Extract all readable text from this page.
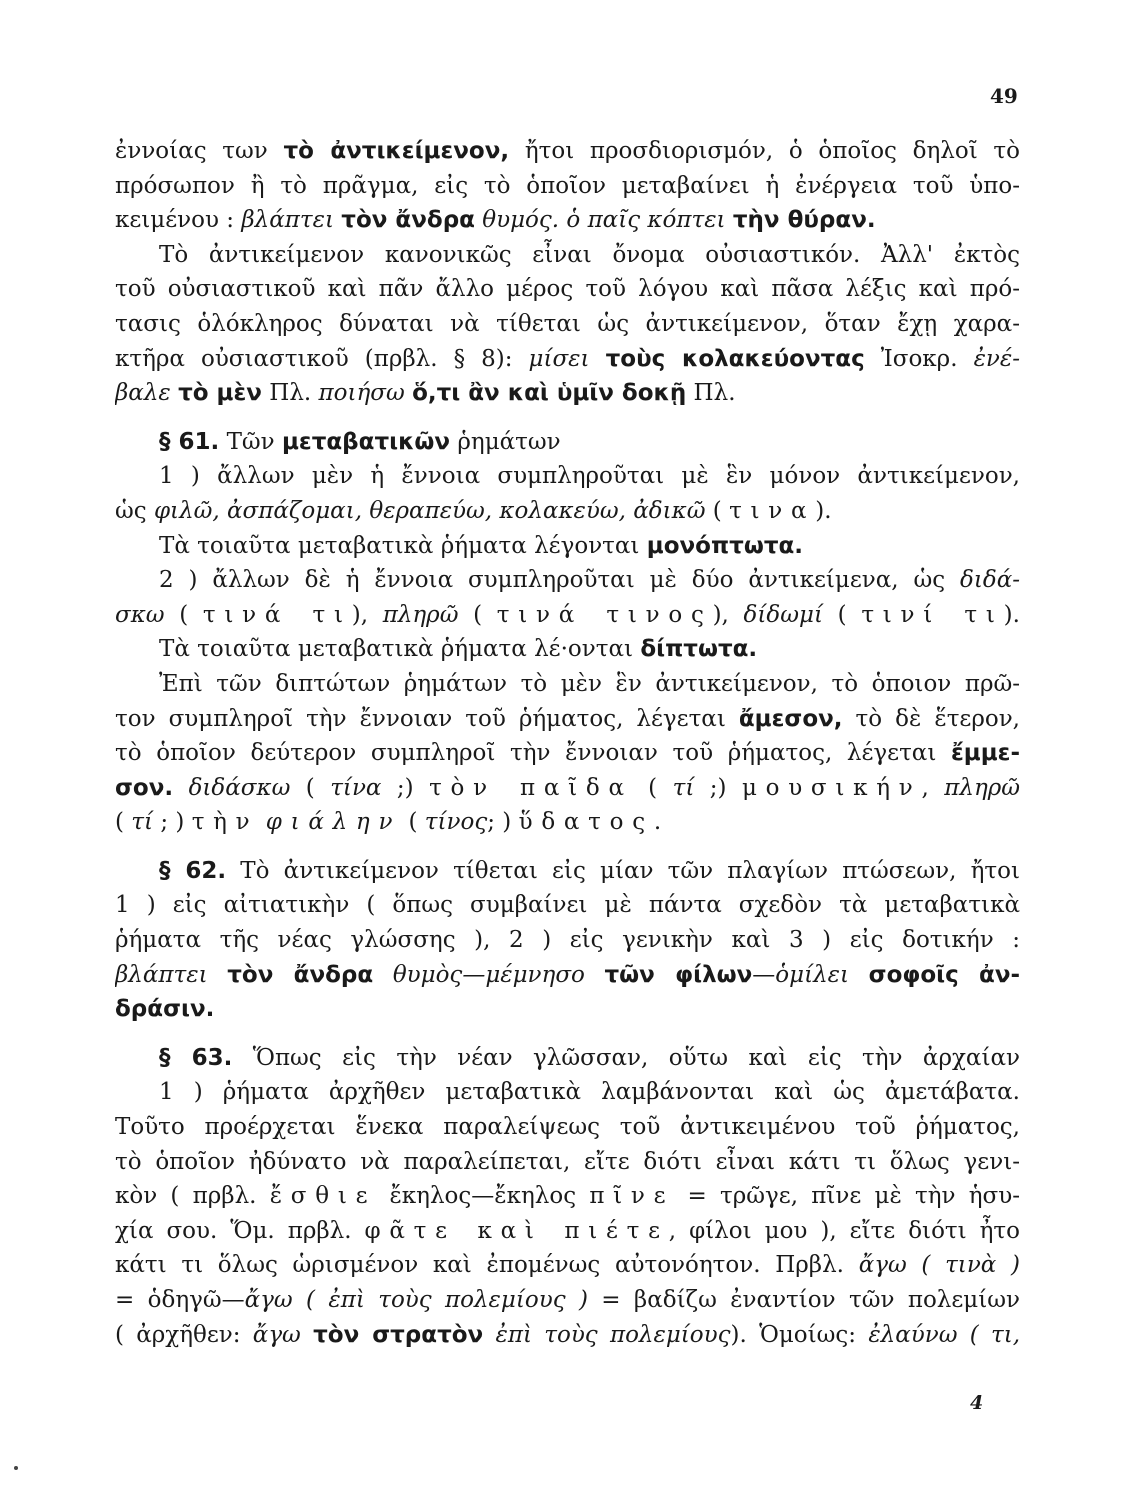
49
ἐννοίας των τὸ ἀντικείμενον, ἤτοι προσδιορισμόν, ὁ ὁποῖος δηλοῖ τὸ
πρόσωπον ἢ τὸ πρᾶγμα, εἰς τὸ ὁποῖον μεταβαίνει ἡ ἐνέργεια τοῦ ὑπο-
κειμένου : βλάπτει τὸν ἄνδρα θυμός. ὁ παῖς κόπτει τὴν θύραν.
Τὸ ἀντικείμενον κανονικῶς εἶναι ὄνομα οὐσιαστικόν. Ἀλλ' ἐκτὸς
τοῦ οὐσιαστικοῦ καὶ πᾶν ἄλλο μέρος τοῦ λόγου καὶ πᾶσα λέξις καὶ πρό-
τασις ὁλόκληρος δύναται νὰ τίθεται ὡς ἀντικείμενον, ὅταν ἔχῃ χαρα-
κτῆρα οὐσιαστικοῦ (πρβλ. § 8): μίσει τοὺς κολακεύοντας Ἰσοκρ. ἐνέ-
βαλε τὸ μὲν Πλ. ποιήσω ὅ,τι ἂν καὶ ὑμῖν δοκῇ Πλ.
§ 61. Τῶν μεταβατικῶν ῥημάτων
1 ) ἄλλων μὲν ἡ ἔννοια συμπληροῦται μὲ ἓν μόνον ἀντικείμενον,
ὡς φιλῶ, ἀσπάζομαι, θεραπεύω, κολακεύω, ἀδικῶ ( τινα).
Τὰ τοιαῦτα μεταβατικὰ ῥήματα λέγονται μονόπτωτα.
2 ) ἄλλων δὲ ἡ ἔννοια συμπληροῦται μὲ δύο ἀντικείμενα, ὡς διδά-
σκω ( τινά τι), πληρῶ ( τινά τινος), δίδωμί ( τινί τι).
Τὰ τοιαῦτα μεταβατικὰ ῥήματα λέ·ονται δίπτωτα.
Ἐπὶ τῶν διπτώτων ῥημάτων τὸ μὲν ἓν ἀντικείμενον, τὸ ὁποιον πρῶ-
τον συμπληροῖ τὴν ἔννοιαν τοῦ ῥήματος, λέγεται ἄμεσον, τὸ δὲ ἕτερον,
τὸ ὁποῖον δεύτερον συμπληροῖ τὴν ἔννοιαν τοῦ ῥήματος, λέγεται ἔμμε-
σον. διδάσκω ( τίνα ;) τὸν παῖδα ( τί ;) μουσικήν, πληρῶ
( τί ; ) τὴν φιάλην ( τίνος; ) ὕδατος.
§ 62. Τὸ ἀντικείμενον τίθεται εἰς μίαν τῶν πλαγίων πτώσεων, ἤτοι
1 ) εἰς αἰτιατικὴν ( ὅπως συμβαίνει μὲ πάντα σχεδὸν τὰ μεταβατικὰ
ῥήματα τῆς νέας γλώσσης ), 2 ) εἰς γενικὴν καὶ 3 ) εἰς δοτικήν :
βλάπτει τὸν ἄνδρα θυμὸς—μέμνησο τῶν φίλων—ὁμίλει σοφοῖς ἀν-
δράσιν.
§ 63. Ὅπως εἰς τὴν νέαν γλῶσσαν, οὕτω καὶ εἰς τὴν ἀρχαίαν
1 ) ῥήματα ἀρχῆθεν μεταβατικὰ λαμβάνονται καὶ ὡς ἀμετάβατα.
Τοῦτο προέρχεται ἕνεκα παραλείψεως τοῦ ἀντικειμένου τοῦ ῥήματος,
τὸ ὁποῖον ἠδύνατο νὰ παραλείπεται, εἴτε διότι εἶναι κάτι τι ὅλως γενι-
κὸν ( πρβλ. ἔσθιε ἔκηλος—ἔκηλος πῖνε = τρῶγε, πῖνε μὲ τὴν ἡσυ-
χία σου. Ὅμ. πρβλ. φᾶτε καὶ πιέτε, φίλοι μου ), εἴτε διότι ἦτο
κάτι τι ὅλως ὡρισμένον καὶ ἐπομένως αὐτονόητον. Πρβλ. ἄγω ( τινὰ )
= ὁδηγῶ—ἄγω ( ἐπὶ τοὺς πολεμίους ) = βαδίζω ἐναντίον τῶν πολεμίων
( ἀρχῆθεν: ἄγω τὸν στρατὸν ἐπὶ τοὺς πολεμίους). Ὁμοίως: ἐλαύνω ( τι,
4
